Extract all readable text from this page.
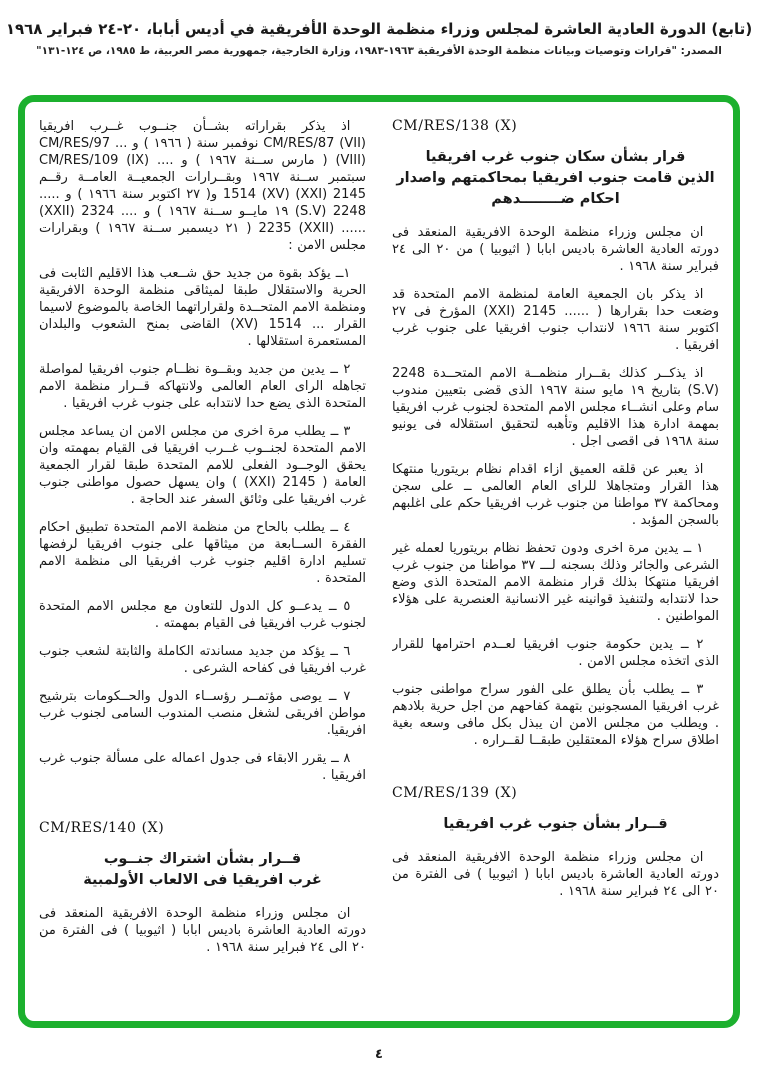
(تابع) الدورة العادية العاشرة لمجلس وزراء منظمة الوحدة الأفريقية في أديس أبابا، ٢٠-٢٤ فبراير ١٩٦٨
المصدر: "قرارات وتوصيات وبيانات منظمة الوحدة الأفريقية ١٩٦٣-١٩٨٣، وزارة الخارجية، جمهورية مصر العربية، ط ١٩٨٥، ص ١٢٤-١٣١"
CM/RES/138 (X)
قرار بشأن سكان جنوب غرب افريقيا
الذين قامت جنوب افريقيا بمحاكمتهم واصدار
احكام ضــــــــدهم

ان مجلس وزراء منظمة الوحدة الافريقية المنعقد فى دورته العادية العاشرة باديس ابابا ( اثيوبيا ) من ٢٠ الى ٢٤ فبراير سنة ١٩٦٨ .

اذ يذكر بان الجمعية العامة لمنظمة الامم المتحدة قد وضعت حدا بقرارها ( ...... 2145 (XXI) المؤرخ فى ٢٧ اكتوبر سنة ١٩٦٦ لانتداب جنوب افريقيا على جنوب غرب افريقيا .

اذ يذكــر كذلك بقــرار منظمــة الامم المتحــدة 2248 (S.V) بتاريخ ١٩ مايو سنة ١٩٦٧ الذى قضى بتعيين مندوب سام وعلى انشــاء مجلس الامم المتحدة لجنوب غرب افريقيا بمهمة ادارة هذا الاقليم وتأهبه لتحقيق استقلاله فى يونيو سنة ١٩٦٨ فى اقصى اجل .

اذ يعبر عن قلقه العميق ازاء اقدام نظام بريتوريا منتهكا هذا القرار ومتجاهلا للراى العام العالمى ــ على سجن ومحاكمة ٣٧ مواطنا من جنوب غرب افريقيا حكم على اغلبهم بالسجن المؤبد .

١ ــ يدين مرة اخرى ودون تحفظ نظام بريتوريا لعمله غير الشرعى والجائر وذلك بسجنه لـــ ٣٧ مواطنا من جنوب غرب افريقيا منتهكا بذلك قرار منظمة الامم المتحدة الذى وضع حدا لانتدابه ولتنفيذ قوانينه غير الانسانية العنصرية على هؤلاء المواطنين .

٢ ــ يدين حكومة جنوب افريقيا لعــدم احترامها للقرار الذى اتخذه مجلس الامن .

٣ ــ يطلب بأن يطلق على الفور سراح مواطنى جنوب غرب افريقيا المسجونين بتهمة كفاحهم من اجل حرية بلادهم . ويطلب من مجلس الامن ان يبذل بكل مافى وسعه بغية اطلاق سراح هؤلاء المعتقلين طبقــا لقــراره .

CM/RES/139 (X)
قــرار بشأن جنوب غرب افريقيا

ان مجلس وزراء منظمة الوحدة الافريقية المنعقد فى دورته العادية العاشرة باديس ابابا ( اثيوبيا ) فى الفترة من ٢٠ الى ٢٤ فبراير سنة ١٩٦٨ .

اذ يذكر بقراراته بشــأن جنــوب غــرب افريقيا CM/RES/87 (VII) نوفمبر سنة ( ١٩٦٦ ) و ... CM/RES/97 (VIII) ( مارس ســنة ١٩٦٧ ) و .... CM/RES/109 (IX) سبتمبر ســنة ١٩٦٧ وبقــرارات الجمعيــة العامــة رقــم 2145 (XXI) 1514 (XV) و( ٢٧ اكتوبر سنة ١٩٦٦ ) و ..... 2248 (S.V) ١٩ مايــو ســنة ١٩٦٧ ) و .... 2324 (XXII) ...... 2235 (XXII) ( ٢١ ديسمبر ســنة ١٩٦٧ ) وبقرارات مجلس الامن :

١ــ يؤكد بقوة من جديد حق شــعب هذا الاقليم الثابت فى الحرية والاستقلال طبقا لميثاقى منظمة الوحدة الافريقية ومنظمة الامم المتحــدة ولقراراتهما الخاصة بالموضوع لاسيما القرار ... 1514 (XV) القاضى بمنح الشعوب والبلدان المستعمرة استقلالها .

٢ ــ يدين من جديد وبقــوة نظــام جنوب افريقيا لمواصلة تجاهله الراى العام العالمى ولانتهاكه قــرار منظمة الامم المتحدة الذى يضع حدا لانتدابه على جنوب غرب افريقيا .

٣ ــ يطلب مرة اخرى من مجلس الامن ان يساعد مجلس الامم المتحدة لجنــوب غــرب افريقيا فى القيام بمهمته وان يحقق الوجــود الفعلى للامم المتحدة طبقا لقرار الجمعية العامة ( 2145 (XXI) ) وان يسهل حصول مواطنى جنوب غرب افريقيا على وثائق السفر عند الحاجة .

٤ ــ يطلب بالحاح من منظمة الامم المتحدة تطبيق احكام الفقرة الســابعة من ميثاقها على جنوب افريقيا لرفضها تسليم ادارة اقليم جنوب غرب افريقيا الى منظمة الامم المتحدة .

٥ ــ يدعــو كل الدول للتعاون مع مجلس الامم المتحدة لجنوب غرب افريقيا فى القيام بمهمته .

٦ ــ يؤكد من جديد مساندته الكاملة والثابتة لشعب جنوب غرب افريقيا فى كفاحه الشرعى .

٧ ــ يوصى مؤتمــر رؤســاء الدول والحــكومات بترشيح مواطن افريقى لشغل منصب المندوب السامى لجنوب غرب افريقيا.

٨ ــ يقرر الابقاء فى جدول اعماله على مسألة جنوب غرب افريقيا .

CM/RES/140 (X)
قــرار بشأن اشتراك جنــوب
غرب افريقيا فى الالعاب الأولمبية

ان مجلس وزراء منظمة الوحدة الافريقية المنعقد فى دورته العادية العاشرة باديس ابابا ( اثيوبيا ) فى الفترة من ٢٠ الى ٢٤ فبراير سنة ١٩٦٨ .

٤
